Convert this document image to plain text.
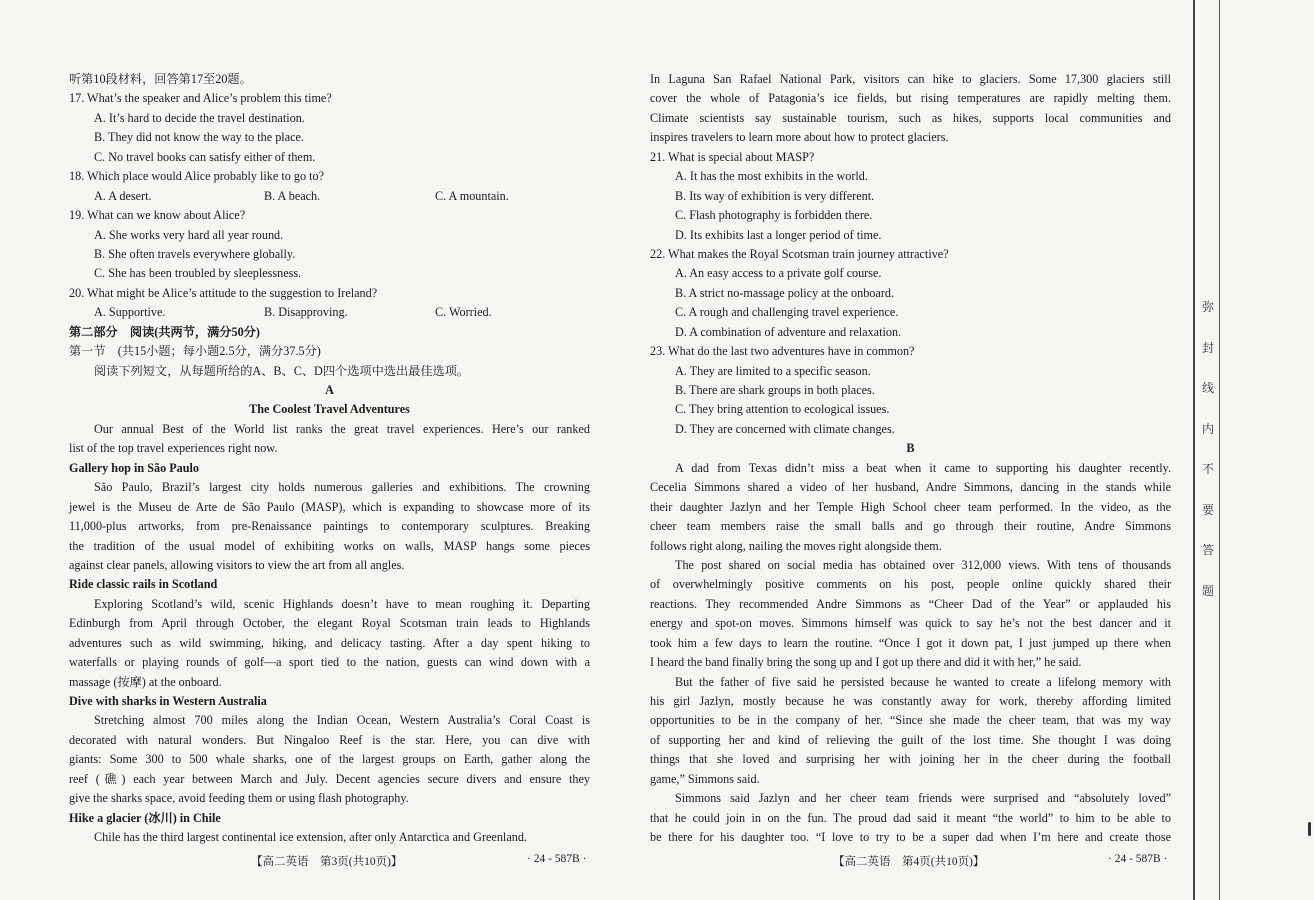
听第10段材料，回答第17至20题。
17. What’s the speaker and Alice’s problem this time?
A. It’s hard to decide the travel destination.
B. They did not know the way to the place.
C. No travel books can satisfy either of them.
18. Which place would Alice probably like to go to?
A. A desert.	B. A beach.	C. A mountain.
19. What can we know about Alice?
A. She works very hard all year round.
B. She often travels everywhere globally.
C. She has been troubled by sleeplessness.
20. What might be Alice’s attitude to the suggestion to Ireland?
A. Supportive.	B. Disapproving.	C. Worried.
第二部分　阅读(共两节，满分50分)
第一节　(共15小题；每小题2.5分，满分37.5分)
阅读下列短文，从每题所给的A、B、C、D四个选项中选出最佳选项。
A
The Coolest Travel Adventures
Our annual Best of the World list ranks the great travel experiences. Here’s our ranked
list of the top travel experiences right now.
Gallery hop in São Paulo
São Paulo, Brazil’s largest city holds numerous galleries and exhibitions. The crowning
jewel is the Museu de Arte de São Paulo (MASP), which is expanding to showcase more of its
11,000-plus artworks, from pre-Renaissance paintings to contemporary sculptures. Breaking
the tradition of the usual model of exhibiting works on walls, MASP hangs some pieces
against clear panels, allowing visitors to view the art from all angles.
Ride classic rails in Scotland
Exploring Scotland’s wild, scenic Highlands doesn’t have to mean roughing it. Departing
Edinburgh from April through October, the elegant Royal Scotsman train leads to Highlands
adventures such as wild swimming, hiking, and delicacy tasting. After a day spent hiking to
waterfalls or playing rounds of golf—a sport tied to the nation, guests can wind down with a
massage (按摩) at the onboard.
Dive with sharks in Western Australia
Stretching almost 700 miles along the Indian Ocean, Western Australia’s Coral Coast is
decorated with natural wonders. But Ningaloo Reef is the star. Here, you can dive with
giants: Some 300 to 500 whale sharks, one of the largest groups on Earth, gather along the
reef (礁) each year between March and July. Decent agencies secure divers and ensure they
give the sharks space, avoid feeding them or using flash photography.
Hike a glacier (冰川) in Chile
Chile has the third largest continental ice extension, after only Antarctica and Greenland.
【高二英语　第3页(共10页)】	· 24 - 587B ·
In Laguna San Rafael National Park, visitors can hike to glaciers. Some 17,300 glaciers still
cover the whole of Patagonia’s ice fields, but rising temperatures are rapidly melting them.
Climate scientists say sustainable tourism, such as hikes, supports local communities and
inspires travelers to learn more about how to protect glaciers.
21. What is special about MASP?
A. It has the most exhibits in the world.
B. Its way of exhibition is very different.
C. Flash photography is forbidden there.
D. Its exhibits last a longer period of time.
22. What makes the Royal Scotsman train journey attractive?
A. An easy access to a private golf course.
B. A strict no-massage policy at the onboard.
C. A rough and challenging travel experience.
D. A combination of adventure and relaxation.
23. What do the last two adventures have in common?
A. They are limited to a specific season.
B. There are shark groups in both places.
C. They bring attention to ecological issues.
D. They are concerned with climate changes.
B
A dad from Texas didn’t miss a beat when it came to supporting his daughter recently.
Cecelia Simmons shared a video of her husband, Andre Simmons, dancing in the stands while
their daughter Jazlyn and her Temple High School cheer team performed. In the video, as the
cheer team members raise the small balls and go through their routine, Andre Simmons
follows right along, nailing the moves right alongside them.
The post shared on social media has obtained over 312,000 views. With tens of thousands
of overwhelmingly positive comments on his post, people online quickly shared their
reactions. They recommended Andre Simmons as “Cheer Dad of the Year” or applauded his
energy and spot-on moves. Simmons himself was quick to say he’s not the best dancer and it
took him a few days to learn the routine. “Once I got it down pat, I just jumped up there when
I heard the band finally bring the song up and I got up there and did it with her,” he said.
But the father of five said he persisted because he wanted to create a lifelong memory with
his girl Jazlyn, mostly because he was constantly away for work, thereby affording limited
opportunities to be in the company of her. “Since she made the cheer team, that was my way
of supporting her and kind of relieving the guilt of the lost time. She thought I was doing
things that she loved and surprising her with joining her in the cheer during the football
game,” Simmons said.
Simmons said Jazlyn and her cheer team friends were surprised and “absolutely loved”
that he could join in on the fun. The proud dad said it meant “the world” to him to be able to
be there for his daughter too. “I love to try to be a super dad when I’m here and create those
【高二英语　第4页(共10页)】	· 24 - 587B ·
弥
封
线
内
不
要
答
题
